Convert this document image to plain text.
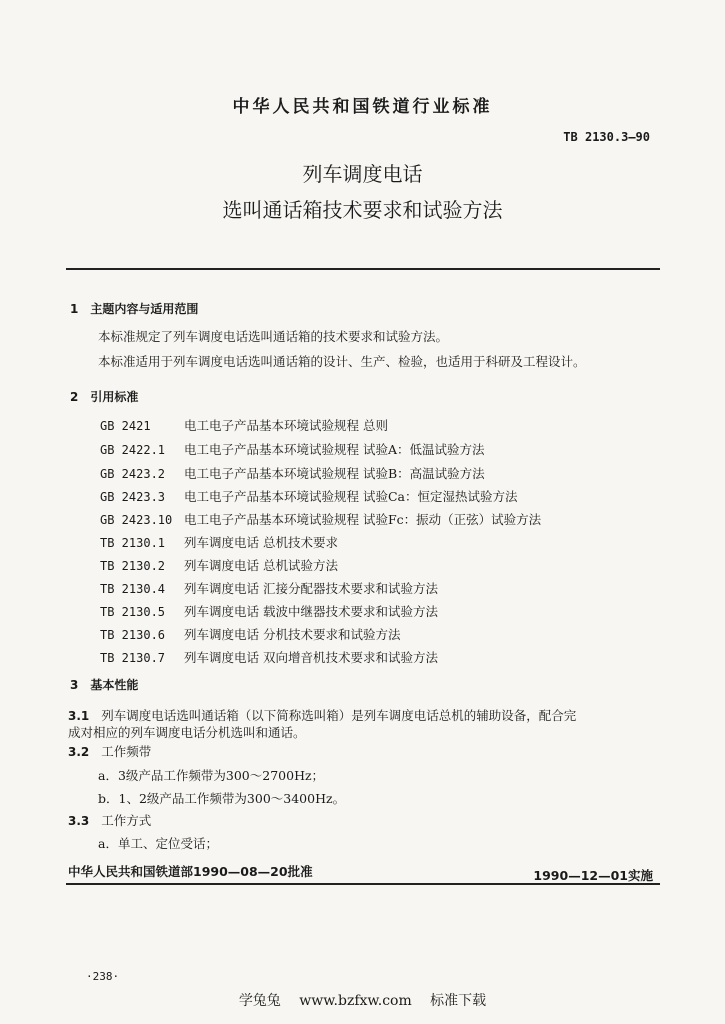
中华人民共和国铁道行业标准
TB 2130.3—90
列车调度电话
选叫通话箱技术要求和试验方法
1 主题内容与适用范围
本标准规定了列车调度电话选叫通话箱的技术要求和试验方法。
本标准适用于列车调度电话选叫通话箱的设计、生产、检验，也适用于科研及工程设计。
2 引用标准
GB 2421	电工电子产品基本环境试验规程 总则
GB 2422.1 电工电子产品基本环境试验规程 试验A：低温试验方法
GB 2423.2 电工电子产品基本环境试验规程 试验B：高温试验方法
GB 2423.3 电工电子产品基本环境试验规程 试验Ca：恒定湿热试验方法
GB 2423.10 电工电子产品基本环境试验规程 试验Fc：振动（正弦）试验方法
TB 2130.1 列车调度电话 总机技术要求
TB 2130.2 列车调度电话 总机试验方法
TB 2130.4 列车调度电话 汇接分配器技术要求和试验方法
TB 2130.5 列车调度电话 载波中继器技术要求和试验方法
TB 2130.6 列车调度电话 分机技术要求和试验方法
TB 2130.7 列车调度电话 双向增音机技术要求和试验方法
3 基本性能
3.1 列车调度电话选叫通话箱（以下简称选叫箱）是列车调度电话总机的辅助设备，配合完
成对相应的列车调度电话分机选叫和通话。
3.2 工作频带
a．3级产品工作频带为300～2700Hz；
b．1、2级产品工作频带为300～3400Hz。
3.3 工作方式
a．单工、定位受话；
中华人民共和国铁道部1990—08—20批准	1990—12—01实施
·238·
学兔兔 www.bzfxw.com 标准下载
